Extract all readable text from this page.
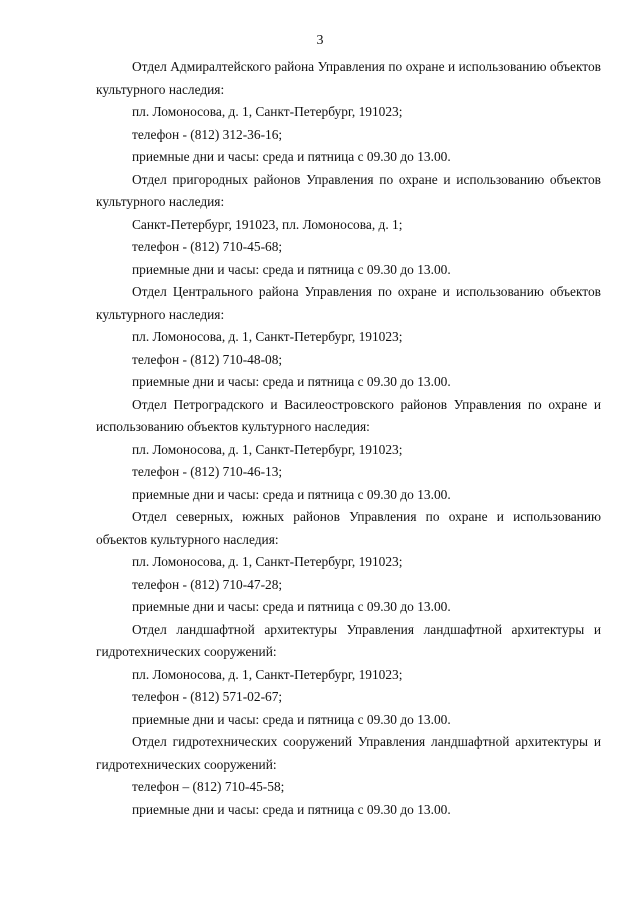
3

Отдел Адмиралтейского района Управления по охране и использованию объектов культурного наследия:

пл. Ломоносова, д. 1, Санкт-Петербург, 191023;

телефон - (812) 312-36-16;

приемные дни и часы: среда и пятница с 09.30 до 13.00.

Отдел пригородных районов Управления по охране и использованию объектов культурного наследия:

Санкт-Петербург, 191023, пл. Ломоносова, д. 1;

телефон - (812) 710-45-68;

приемные дни и часы: среда и пятница с 09.30 до 13.00.

Отдел Центрального района Управления по охране и использованию объектов культурного наследия:

пл. Ломоносова, д. 1, Санкт-Петербург, 191023;

телефон - (812) 710-48-08;

приемные дни и часы: среда и пятница с 09.30 до 13.00.

Отдел Петроградского и Василеостровского районов Управления по охране и использованию объектов культурного наследия:

пл. Ломоносова, д. 1, Санкт-Петербург, 191023;

телефон - (812) 710-46-13;

приемные дни и часы: среда и пятница с 09.30 до 13.00.

Отдел северных, южных районов Управления по охране и использованию объектов культурного наследия:

пл. Ломоносова, д. 1, Санкт-Петербург, 191023;

телефон - (812) 710-47-28;

приемные дни и часы: среда и пятница с 09.30 до 13.00.

Отдел ландшафтной архитектуры Управления ландшафтной архитектуры и гидротехнических сооружений:

пл. Ломоносова, д. 1, Санкт-Петербург, 191023;

телефон - (812) 571-02-67;

приемные дни и часы: среда и пятница с 09.30 до 13.00.

Отдел гидротехнических сооружений Управления ландшафтной архитектуры и гидротехнических сооружений:

телефон – (812) 710-45-58;

приемные дни и часы: среда и пятница с 09.30 до 13.00.
